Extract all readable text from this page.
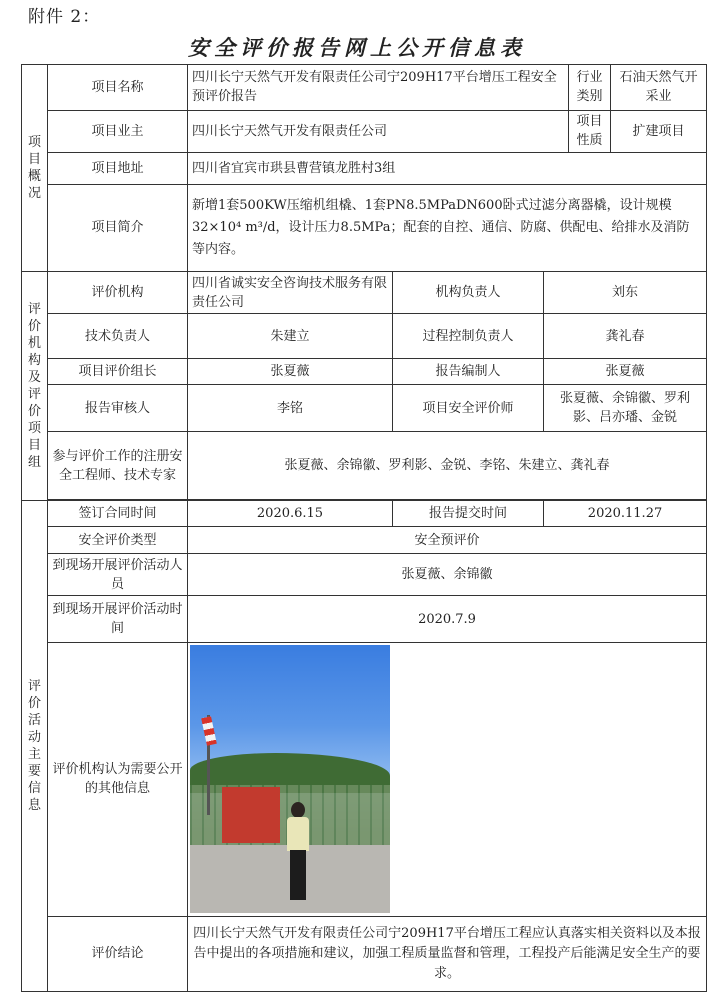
附件 2：
安全评价报告网上公开信息表
项目概况	项目名称	四川长宁天然气开发有限责任公司宁209H17平台增压工程安全预评价报告			行业类别	石油天然气开采业
	项目业主	四川长宁天然气开发有限责任公司			项目性质	扩建项目
	项目地址	四川省宜宾市珙县曹营镇龙胜村3组				
	项目简介	新增1套500KW压缩机组橇、1套PN8.5MPaDN600卧式过滤分离器橇，设计规模32×10⁴ m³/d，设计压力8.5MPa；配套的自控、通信、防腐、供配电、给排水及消防等内容。				
评价机构及评价项目组	评价机构	四川省诚实安全咨询技术服务有限责任公司	机构负责人	刘东		
	技术负责人	朱建立	过程控制负责人	龚礼春		
	项目评价组长	张夏薇	报告编制人	张夏薇		
	报告审核人	李铭	项目安全评价师	张夏薇、余锦徽、罗利影、吕亦璠、金锐		
	参与评价工作的注册安全工程师、技术专家	张夏薇、余锦徽、罗利影、金锐、李铭、朱建立、龚礼春				

评价活动主要信息	签订合同时间	2020.6.15	报告提交时间	2020.11.27		
	安全评价类型	安全预评价				
	到现场开展评价活动人员	张夏薇、余锦徽				
	到现场开展评价活动时间	2020.7.9				
	评价机构认为需要公开的其他信息					

	评价结论	四川长宁天然气开发有限责任公司宁209H17平台增压工程应认真落实相关资料以及本报告中提出的各项措施和建议，加强工程质量监督和管理，工程投产后能满足安全生产的要求。				
